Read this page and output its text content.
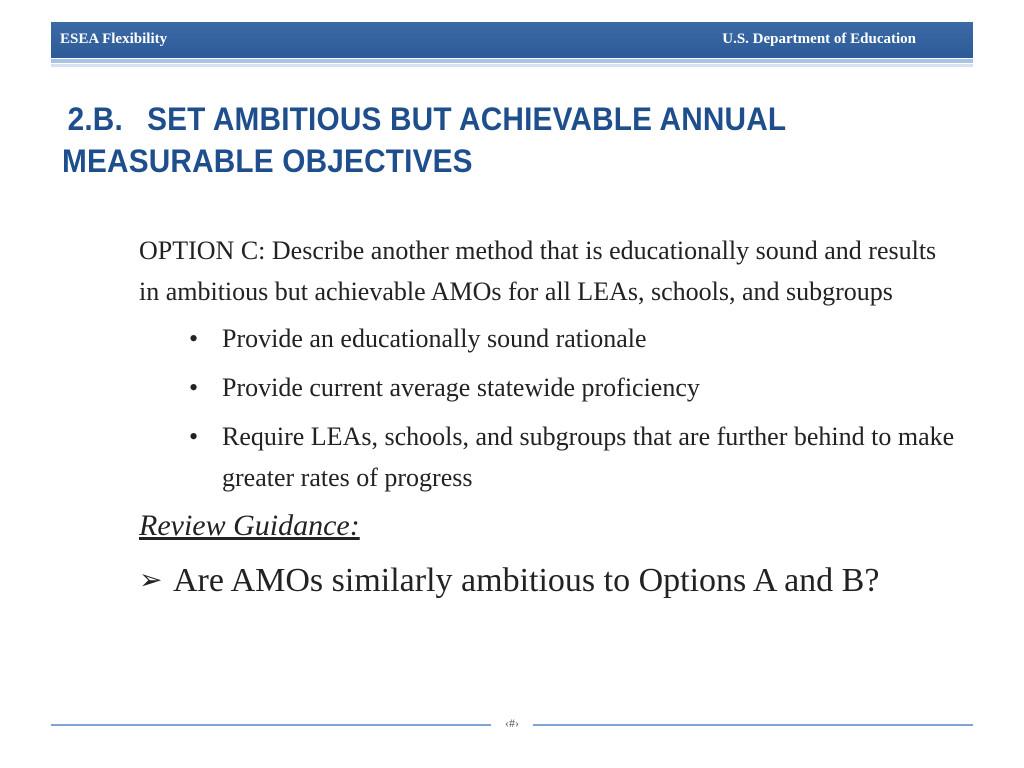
ESEA Flexibility	U.S. Department of Education
2.B. SET AMBITIOUS BUT ACHIEVABLE ANNUAL MEASURABLE OBJECTIVES

OPTION C: Describe another method that is educationally sound and results in ambitious but achievable AMOs for all LEAs, schools, and subgroups

• Provide an educationally sound rationale
• Provide current average statewide proficiency
• Require LEAs, schools, and subgroups that are further behind to make greater rates of progress
Review Guidance:
➢ Are AMOs similarly ambitious to Options A and B?
‹#›
